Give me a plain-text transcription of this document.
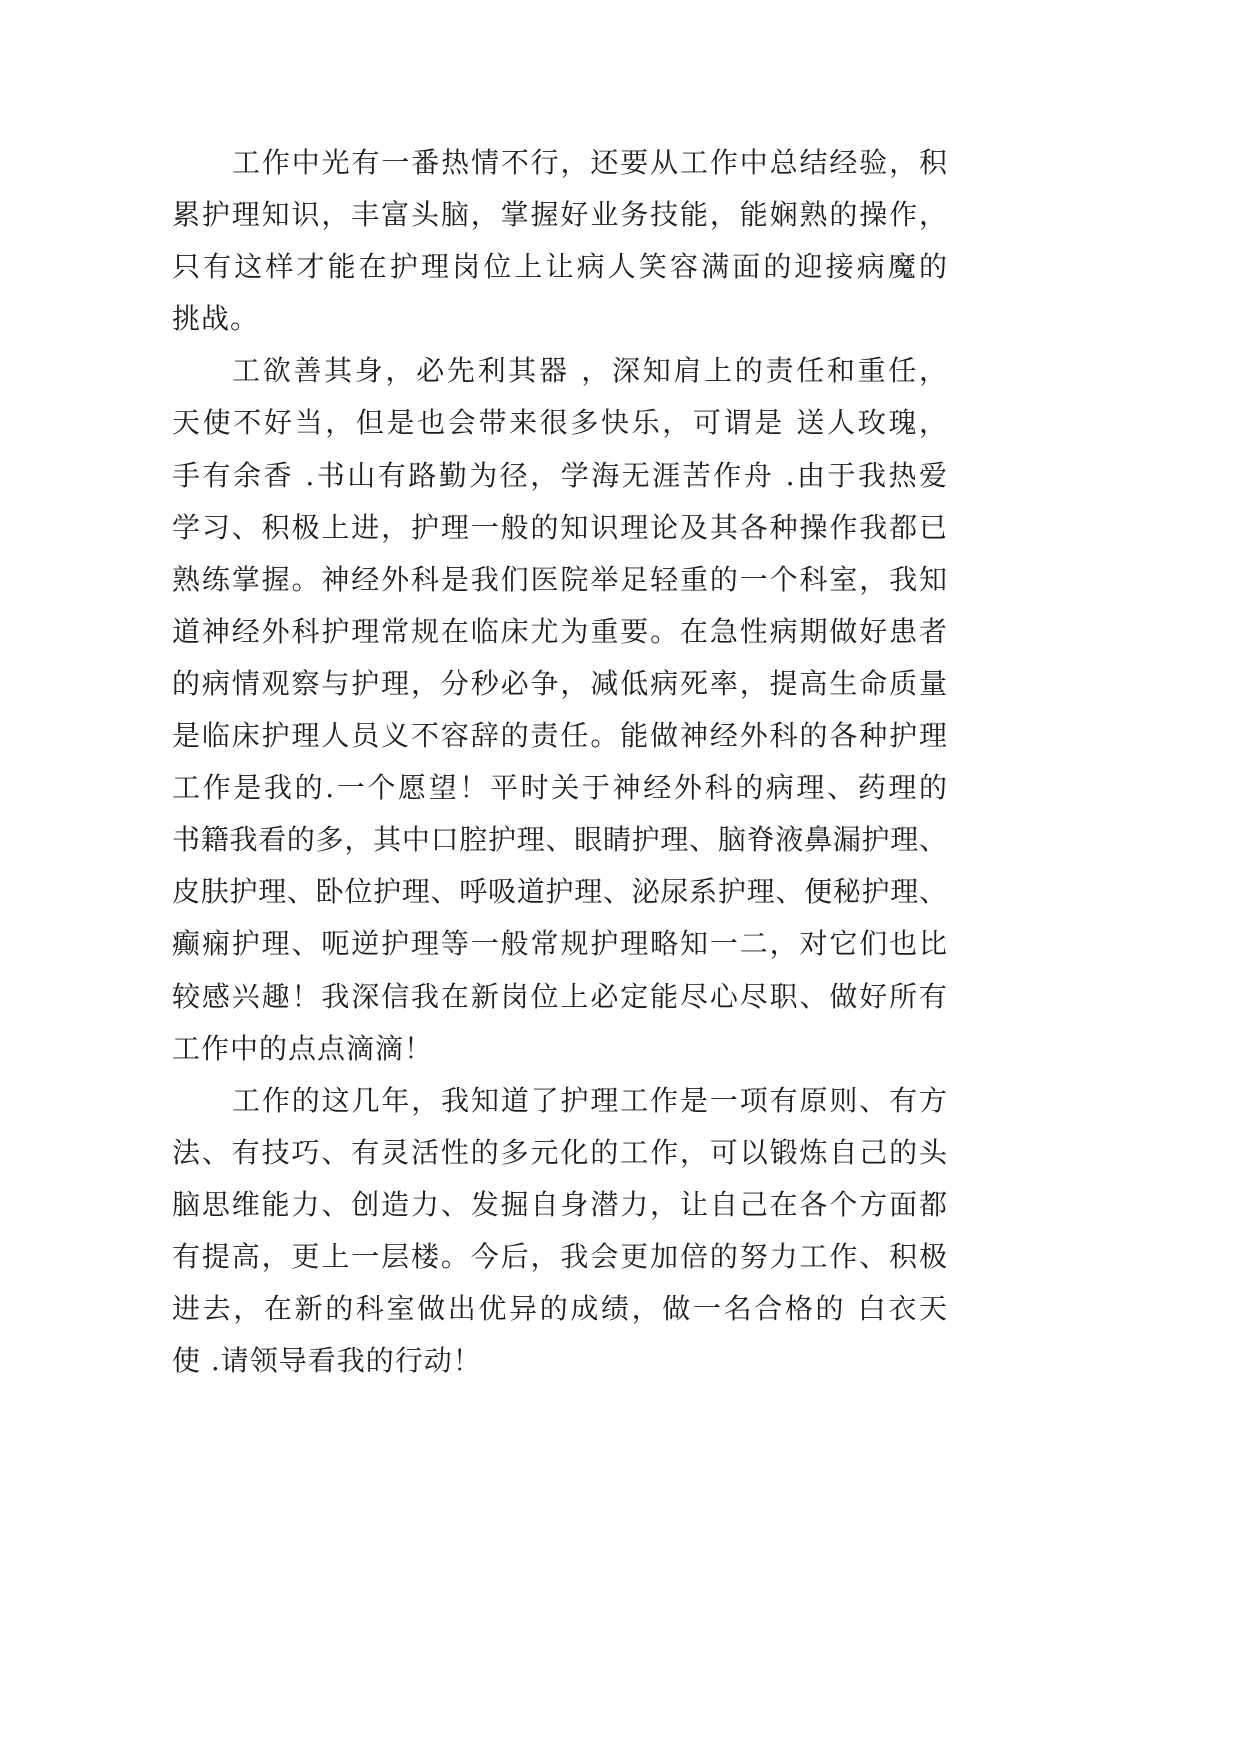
工作中光有一番热情不行，还要从工作中总结经验，积
累护理知识，丰富头脑，掌握好业务技能，能娴熟的操作，
只有这样才能在护理岗位上让病人笑容满面的迎接病魔的
挑战。
工欲善其身，必先利其器 ，深知肩上的责任和重任，
天使不好当，但是也会带来很多快乐，可谓是 送人玫瑰，
手有余香 .书山有路勤为径，学海无涯苦作舟 .由于我热爱
学习、积极上进，护理一般的知识理论及其各种操作我都已
熟练掌握。神经外科是我们医院举足轻重的一个科室，我知
道神经外科护理常规在临床尤为重要。在急性病期做好患者
的病情观察与护理，分秒必争，减低病死率，提高生命质量
是临床护理人员义不容辞的责任。能做神经外科的各种护理
工作是我的.一个愿望！平时关于神经外科的病理、药理的
书籍我看的多，其中口腔护理、眼睛护理、脑脊液鼻漏护理、
皮肤护理、卧位护理、呼吸道护理、泌尿系护理、便秘护理、
癫痫护理、呃逆护理等一般常规护理略知一二，对它们也比
较感兴趣！我深信我在新岗位上必定能尽心尽职、做好所有
工作中的点点滴滴！
工作的这几年，我知道了护理工作是一项有原则、有方
法、有技巧、有灵活性的多元化的工作，可以锻炼自己的头
脑思维能力、创造力、发掘自身潜力，让自己在各个方面都
有提高，更上一层楼。今后，我会更加倍的努力工作、积极
进去，在新的科室做出优异的成绩，做一名合格的 白衣天
使 .请领导看我的行动！
